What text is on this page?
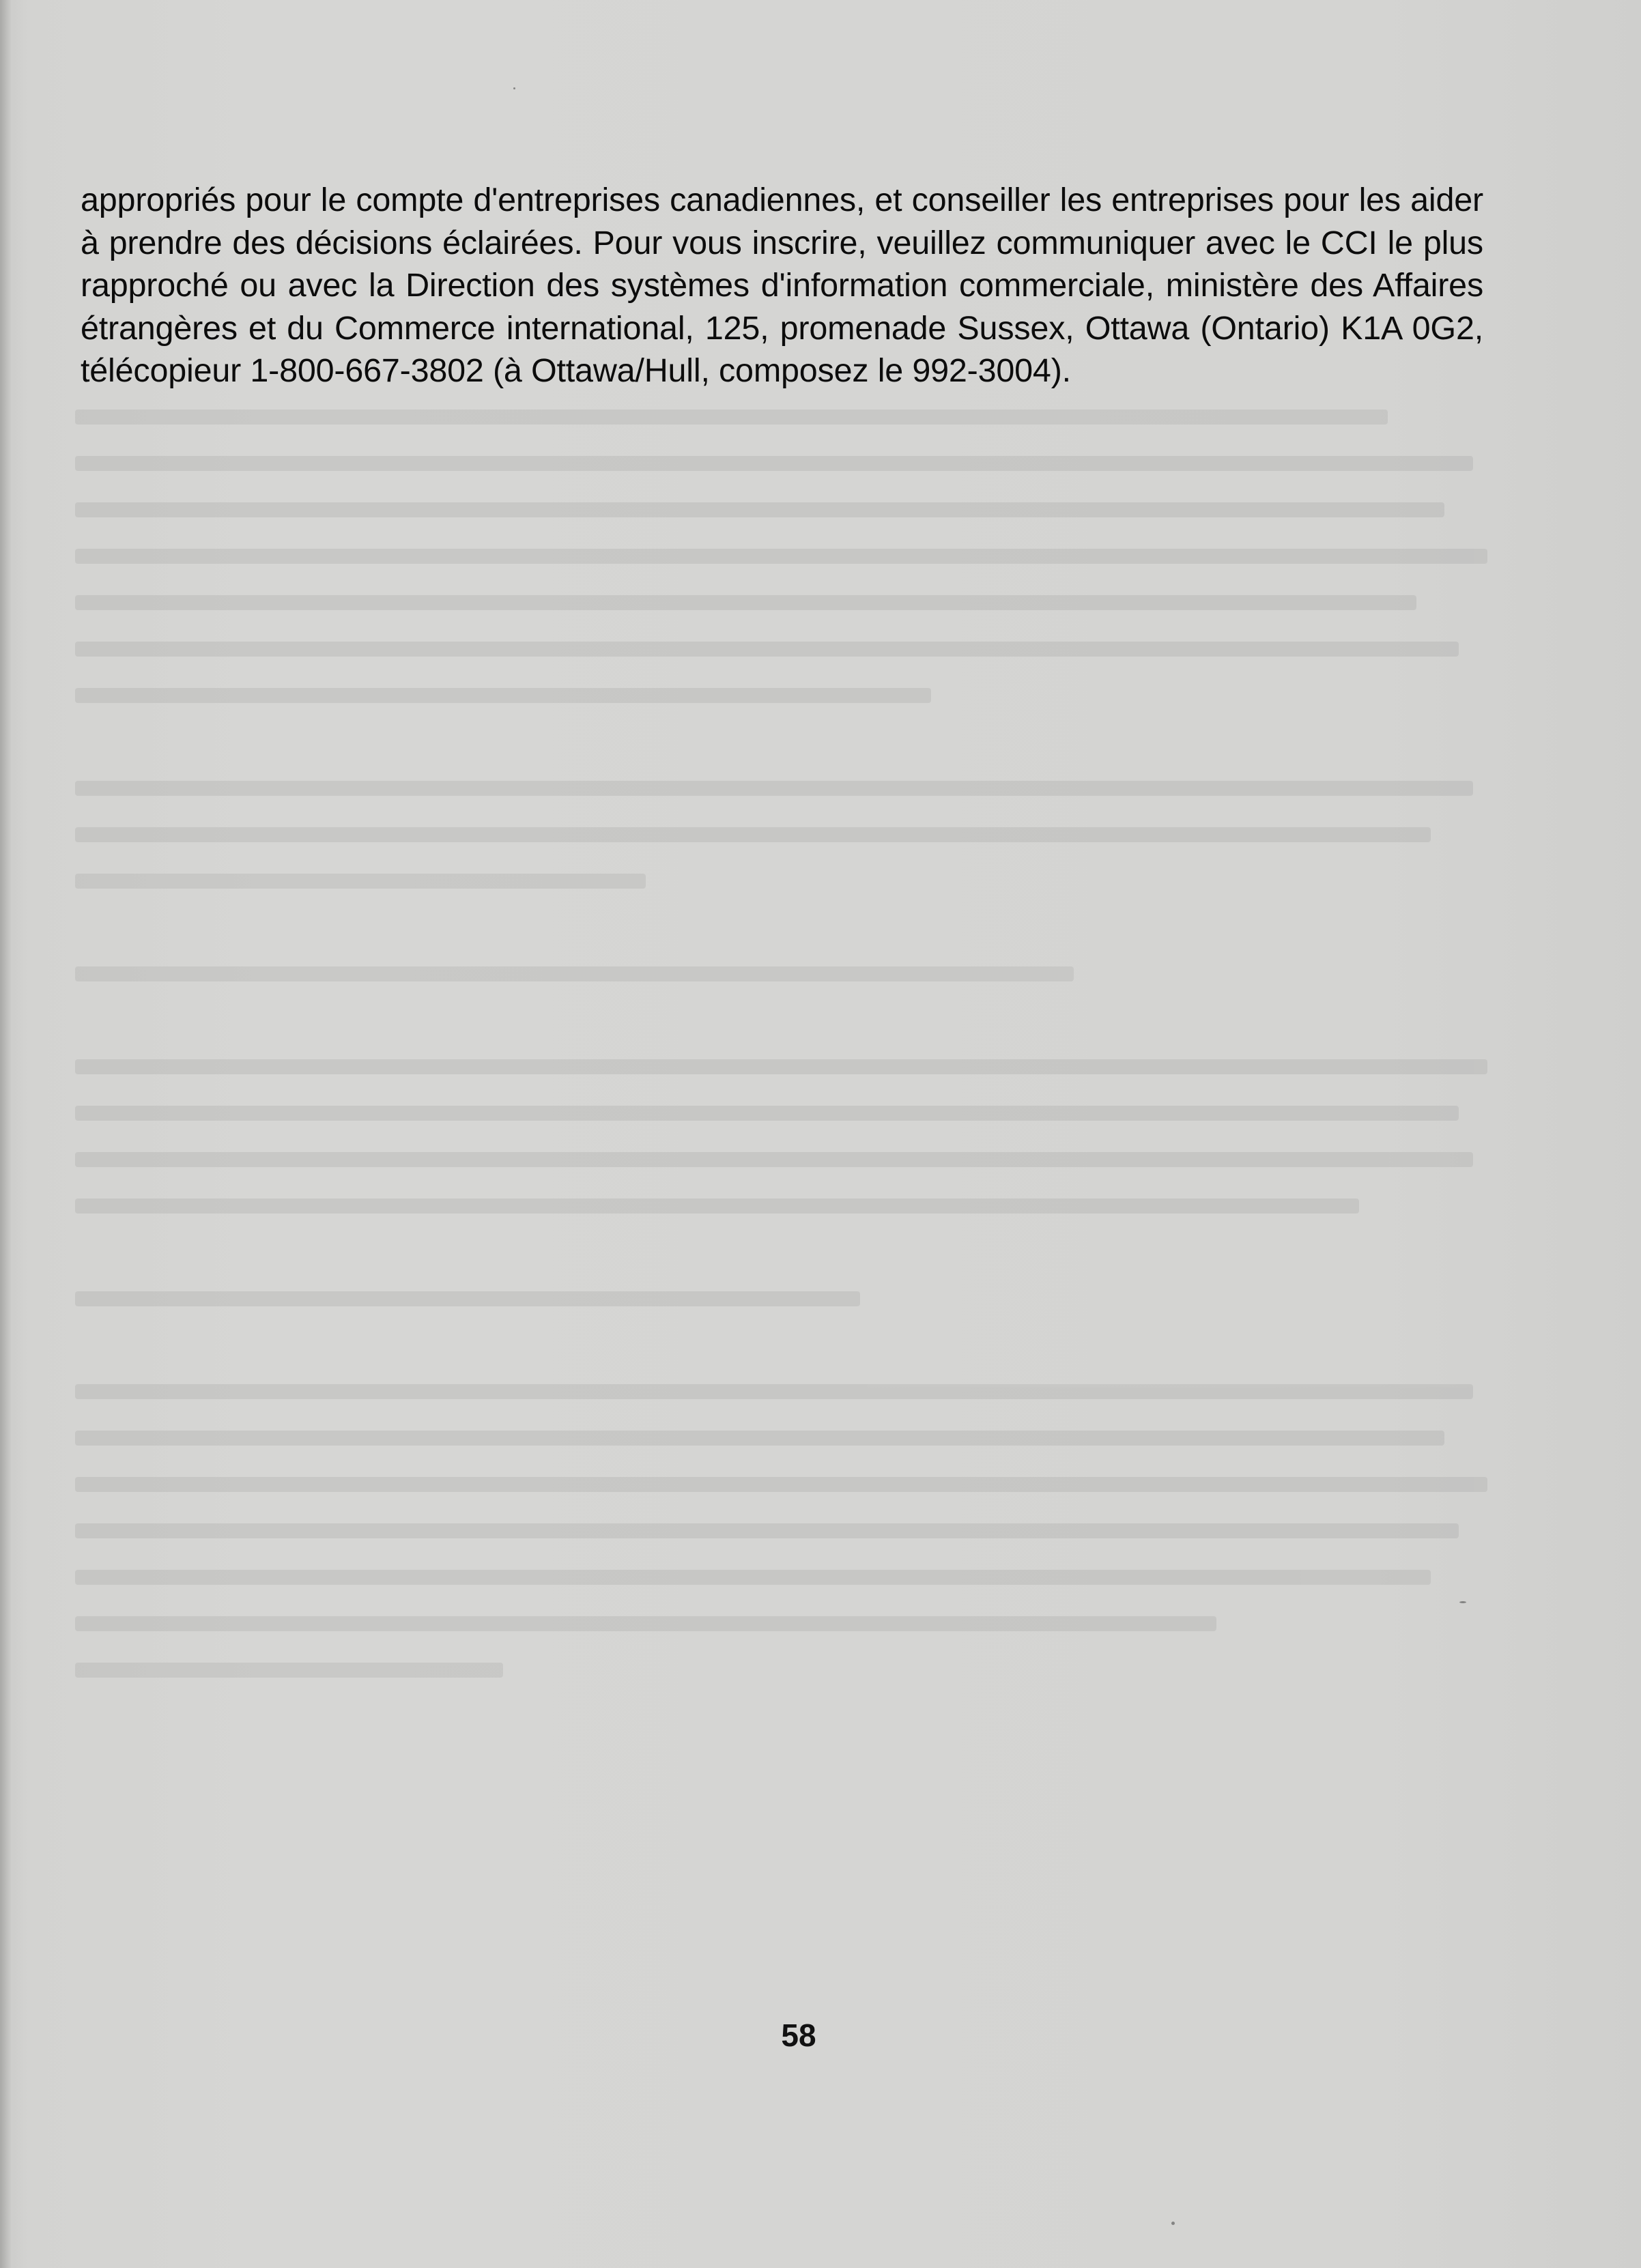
appropriés pour le compte d'entreprises canadiennes, et conseiller les entreprises pour les aider à prendre des décisions éclairées. Pour vous inscrire, veuillez communiquer avec le CCI le plus rapproché ou avec la Direction des systèmes d'information commerciale, ministère des Affaires étrangères et du Commerce international, 125, promenade Sussex, Ottawa (Ontario) K1A 0G2, télécopieur 1-800-667-3802 (à Ottawa/Hull, composez le 992-3004).

58
